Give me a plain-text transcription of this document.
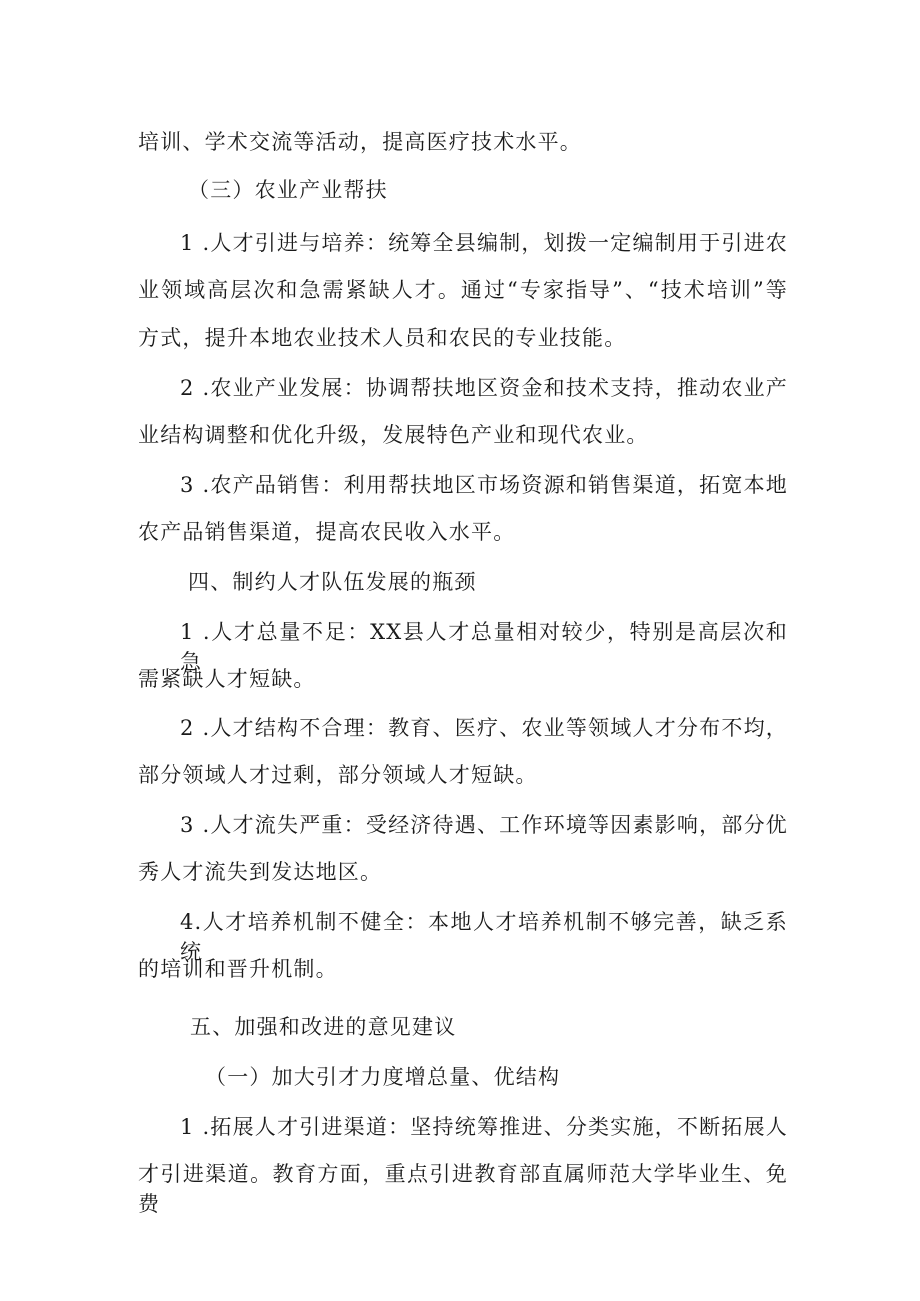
培训、学术交流等活动，提高医疗技术水平。
（三）农业产业帮扶
1 .人才引进与培养：统筹全县编制，划拨一定编制用于引进农
业领域高层次和急需紧缺人才。通过“专家指导”、“技术培训”等
方式，提升本地农业技术人员和农民的专业技能。
2 .农业产业发展：协调帮扶地区资金和技术支持，推动农业产
业结构调整和优化升级，发展特色产业和现代农业。
3 .农产品销售：利用帮扶地区市场资源和销售渠道，拓宽本地
农产品销售渠道，提高农民收入水平。
四、制约人才队伍发展的瓶颈
1 .人才总量不足：XX县人才总量相对较少，特别是高层次和急
需紧缺人才短缺。
2 .人才结构不合理：教育、医疗、农业等领域人才分布不均，
部分领域人才过剩，部分领域人才短缺。
3 .人才流失严重：受经济待遇、工作环境等因素影响，部分优
秀人才流失到发达地区。
4.人才培养机制不健全：本地人才培养机制不够完善，缺乏系统
的培训和晋升机制。
五、加强和改进的意见建议
（一）加大引才力度增总量、优结构
1 .拓展人才引进渠道：坚持统筹推进、分类实施，不断拓展人
才引进渠道。教育方面，重点引进教育部直属师范大学毕业生、免费
